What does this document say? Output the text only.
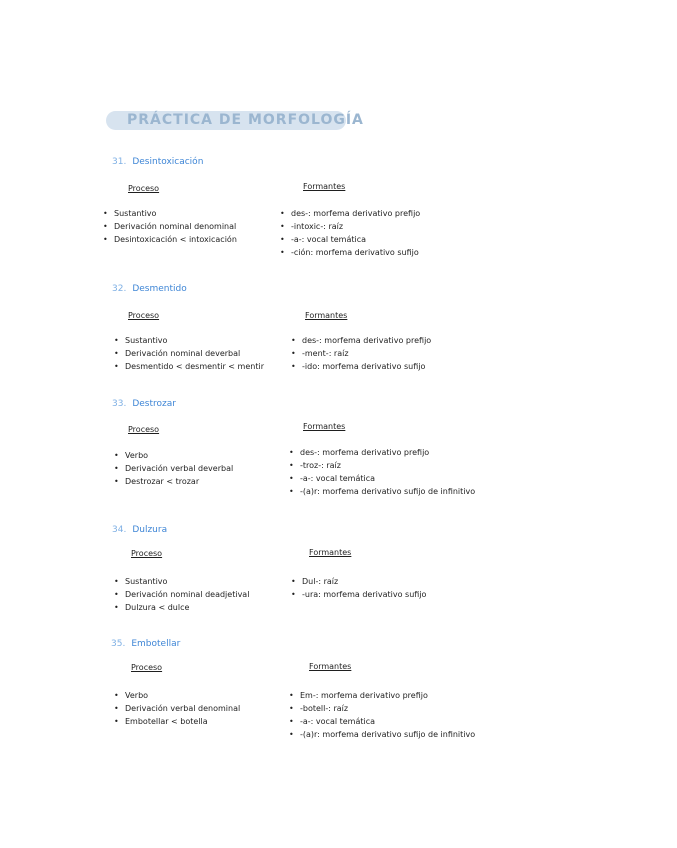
PRÁCTICA DE MORFOLOGÍA
31. Desintoxicación
Proceso	Formantes
• Sustantivo
• Derivación nominal denominal
• Desintoxicación < intoxicación
• des-: morfema derivativo prefijo
• -intoxic-: raíz
• -a-: vocal temática
• -ción: morfema derivativo sufijo
32. Desmentido
Proceso	Formantes
• Sustantivo
• Derivación nominal deverbal
• Desmentido < desmentir < mentir
• des-: morfema derivativo prefijo
• -ment-: raíz
• -ido: morfema derivativo sufijo
33. Destrozar
Proceso	Formantes
• Verbo
• Derivación verbal deverbal
• Destrozar < trozar
• des-: morfema derivativo prefijo
• -troz-: raíz
• -a-: vocal temática
• -(a)r: morfema derivativo sufijo de infinitivo
34. Dulzura
Proceso	Formantes
• Sustantivo
• Derivación nominal deadjetival
• Dulzura < dulce
• Dul-: raíz
• -ura: morfema derivativo sufijo
35. Embotellar
Proceso	Formantes
• Verbo
• Derivación verbal denominal
• Embotellar < botella
• Em-: morfema derivativo prefijo
• -botell-: raíz
• -a-: vocal temática
• -(a)r: morfema derivativo sufijo de infinitivo
